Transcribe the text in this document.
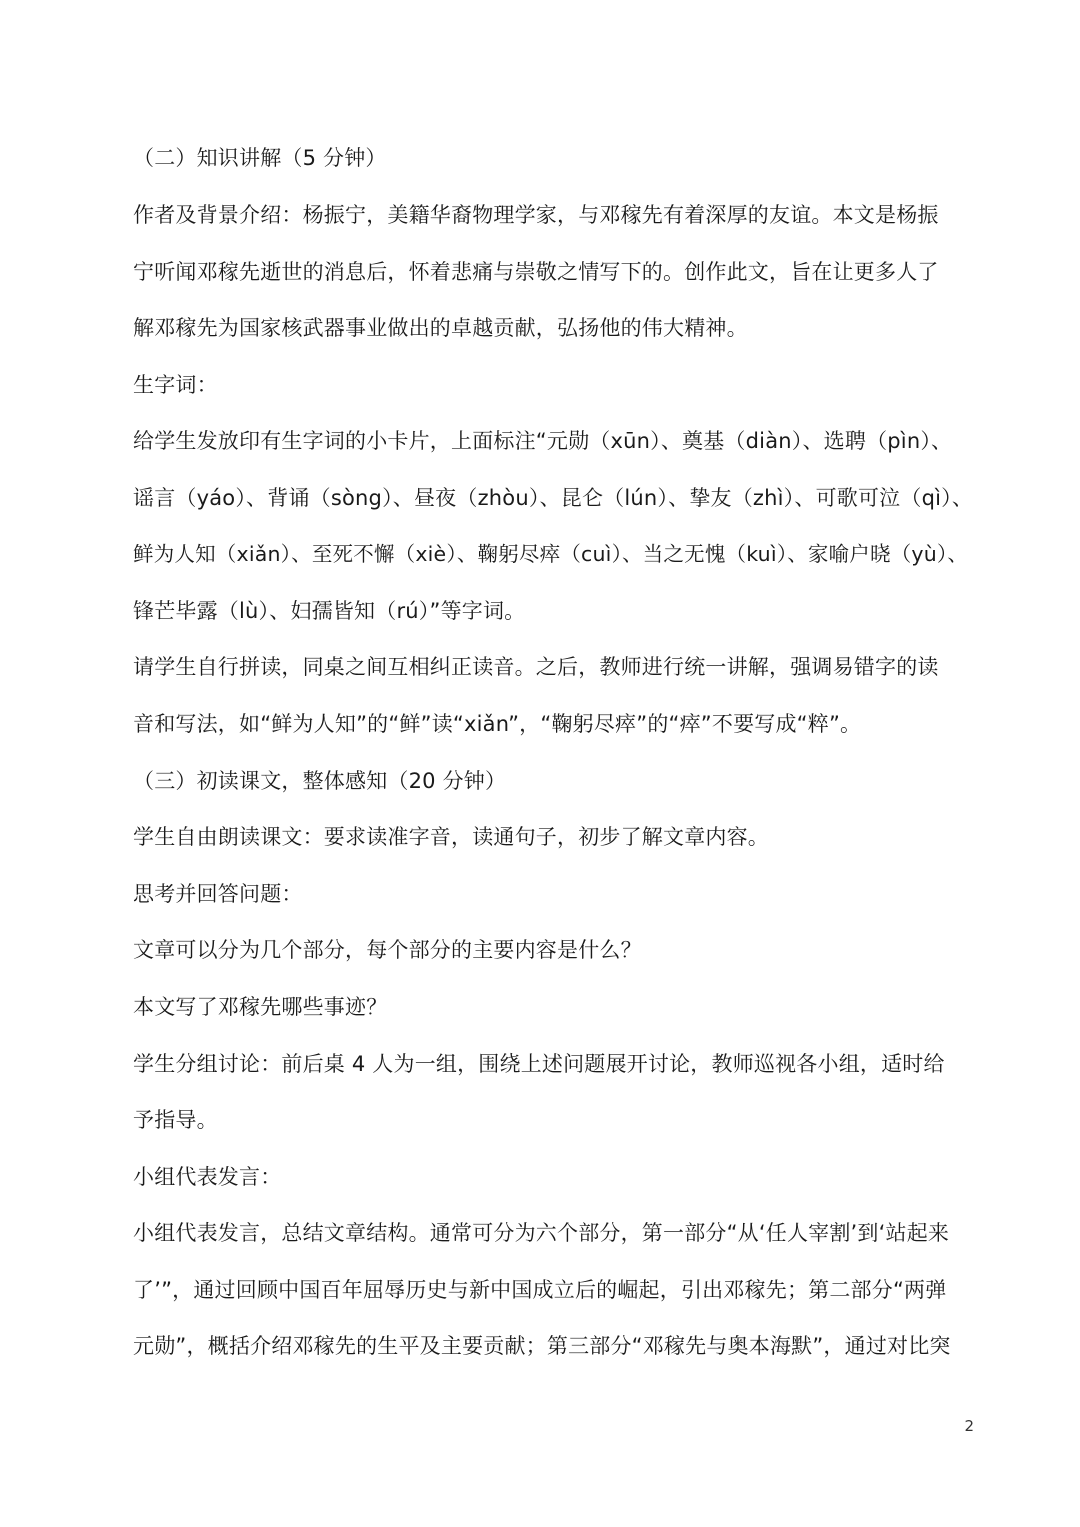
（二）知识讲解（5 分钟）
作者及背景介绍：杨振宁，美籍华裔物理学家，与邓稼先有着深厚的友谊。本文是杨振
宁听闻邓稼先逝世的消息后，怀着悲痛与崇敬之情写下的。创作此文，旨在让更多人了
解邓稼先为国家核武器事业做出的卓越贡献，弘扬他的伟大精神。
生字词：
给学生发放印有生字词的小卡片，上面标注“元勋（xūn）、奠基（diàn）、选聘（pìn）、
谣言（yáo）、背诵（sòng）、昼夜（zhòu）、昆仑（lún）、挚友（zhì）、可歌可泣（qì）、
鲜为人知（xiǎn）、至死不懈（xiè）、鞠躬尽瘁（cuì）、当之无愧（kuì）、家喻户晓（yù）、
锋芒毕露（lù）、妇孺皆知（rú）”等字词。
请学生自行拼读，同桌之间互相纠正读音。之后，教师进行统一讲解，强调易错字的读
音和写法，如“鲜为人知”的“鲜”读“xiǎn”，“鞠躬尽瘁”的“瘁”不要写成“粹”。
（三）初读课文，整体感知（20 分钟）
学生自由朗读课文：要求读准字音，读通句子，初步了解文章内容。
思考并回答问题：
文章可以分为几个部分，每个部分的主要内容是什么？
本文写了邓稼先哪些事迹？
学生分组讨论：前后桌 4 人为一组，围绕上述问题展开讨论，教师巡视各小组，适时给
予指导。
小组代表发言：
小组代表发言，总结文章结构。通常可分为六个部分，第一部分“从‘任人宰割’到‘站起来
了’”，通过回顾中国百年屈辱历史与新中国成立后的崛起，引出邓稼先；第二部分“两弹
元勋”，概括介绍邓稼先的生平及主要贡献；第三部分“邓稼先与奥本海默”，通过对比突
2
